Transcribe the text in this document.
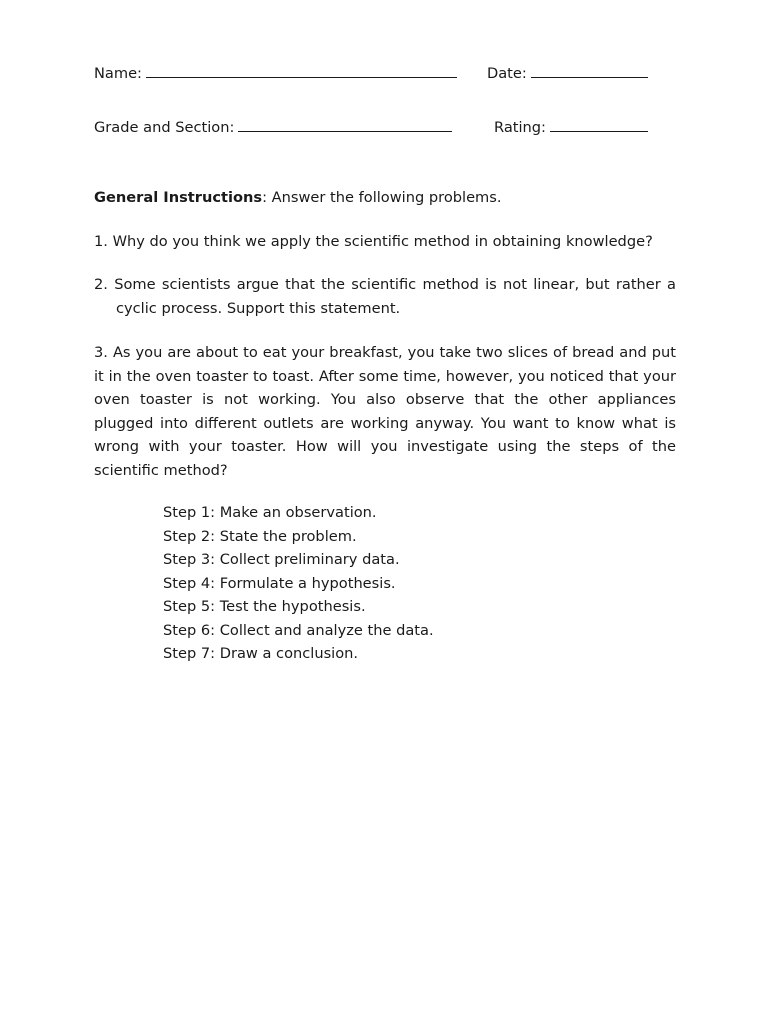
Name:	Date:
Grade and Section:	Rating:
General Instructions: Answer the following problems.
1. Why do you think we apply the scientific method in obtaining knowledge?
2. Some scientists argue that the scientific method is not linear, but rather a cyclic process. Support this statement.
3. As you are about to eat your breakfast, you take two slices of bread and put it in the oven toaster to toast. After some time, however, you noticed that your oven toaster is not working. You also observe that the other appliances plugged into different outlets are working anyway. You want to know what is wrong with your toaster. How will you investigate using the steps of the scientific method?
Step 1: Make an observation.
Step 2: State the problem.
Step 3: Collect preliminary data.
Step 4: Formulate a hypothesis.
Step 5: Test the hypothesis.
Step 6: Collect and analyze the data.
Step 7: Draw a conclusion.
